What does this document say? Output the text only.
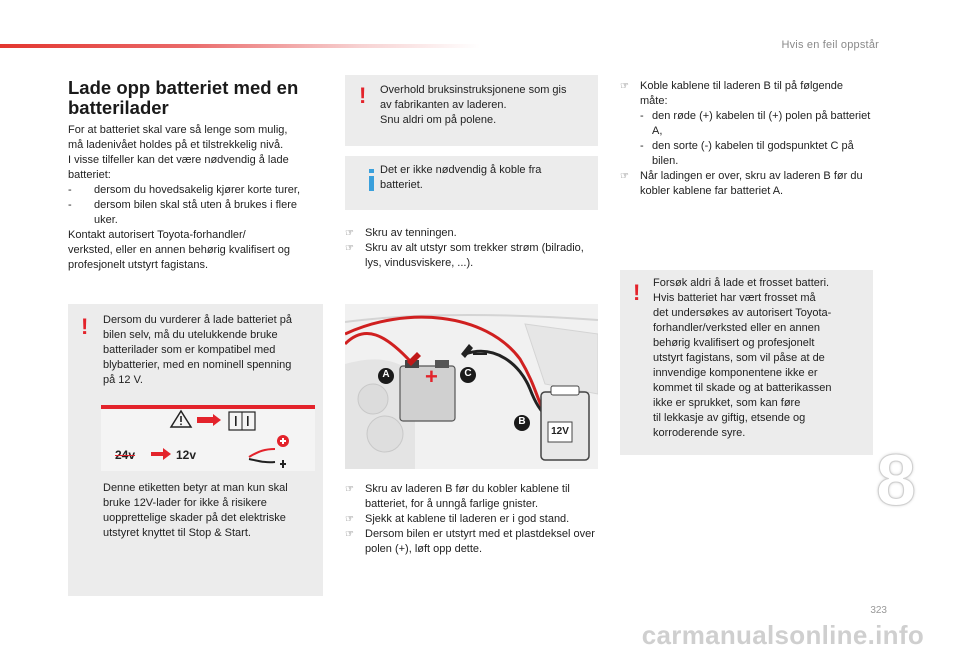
Hvis en feil oppstår
Lade opp batteriet med en
batterilader

For at batteriet skal vare så lenge som mulig,

må ladenivået holdes på et tilstrekkelig nivå.

I visse tilfeller kan det være nødvendig å lade

batteriet:

-	dersom du hovedsakelig kjører korte turer,
-	dersom bilen skal stå uten å brukes i flere uker.

Kontakt autorisert Toyota-forhandler/

verksted, eller en annen behørig kvalifisert og

profesjonelt utstyrt fagistans.

! Dersom du vurderer å lade batteriet på
bilen selv, må du utelukkende bruke
batterilader som er kompatibel med
blybatterier, med en nominell spenning
på 12 V.
24v	12v
Denne etiketten betyr at man kun skal
bruke 12V-lader for ikke å risikere
uopprettelige skader på det elektriske
utstyret knyttet til Stop & Start.
! Overhold bruksinstruksjonene som gis
av fabrikanten av laderen.
Snu aldri om på polene.
Det er ikke nødvendig å koble fra
batteriet.
☞	Skru av tenningen.
☞	Skru av alt utstyr som trekker strøm (bilradio, lys, vindusviskere, ...).
+
A	C
B
12V
☞	Skru av laderen B før du kobler kablene til batteriet, for å unngå farlige gnister.
☞	Sjekk at kablene til laderen er i god stand.
☞	Dersom bilen er utstyrt med et plastdeksel over polen (+), løft opp dette.
☞	Koble kablene til laderen B til på følgende måte:
- den røde (+) kabelen til (+) polen på batteriet A,
- den sorte (-) kabelen til godspunktet C på bilen.
☞	Når ladingen er over, skru av laderen B før du kobler kablene far batteriet A.
! Forsøk aldri å lade et frosset batteri.
Hvis batteriet har vært frosset må
det undersøkes av autorisert Toyota-
forhandler/verksted eller en annen
behørig kvalifisert og profesjonelt
utstyrt fagistans, som vil påse at de
innvendige komponentene ikke er
kommet til skade og at batterikassen
ikke er sprukket, som kan føre
til lekkasje av giftig, etsende og
korroderende syre.
8
323
carmanualsonline.info
